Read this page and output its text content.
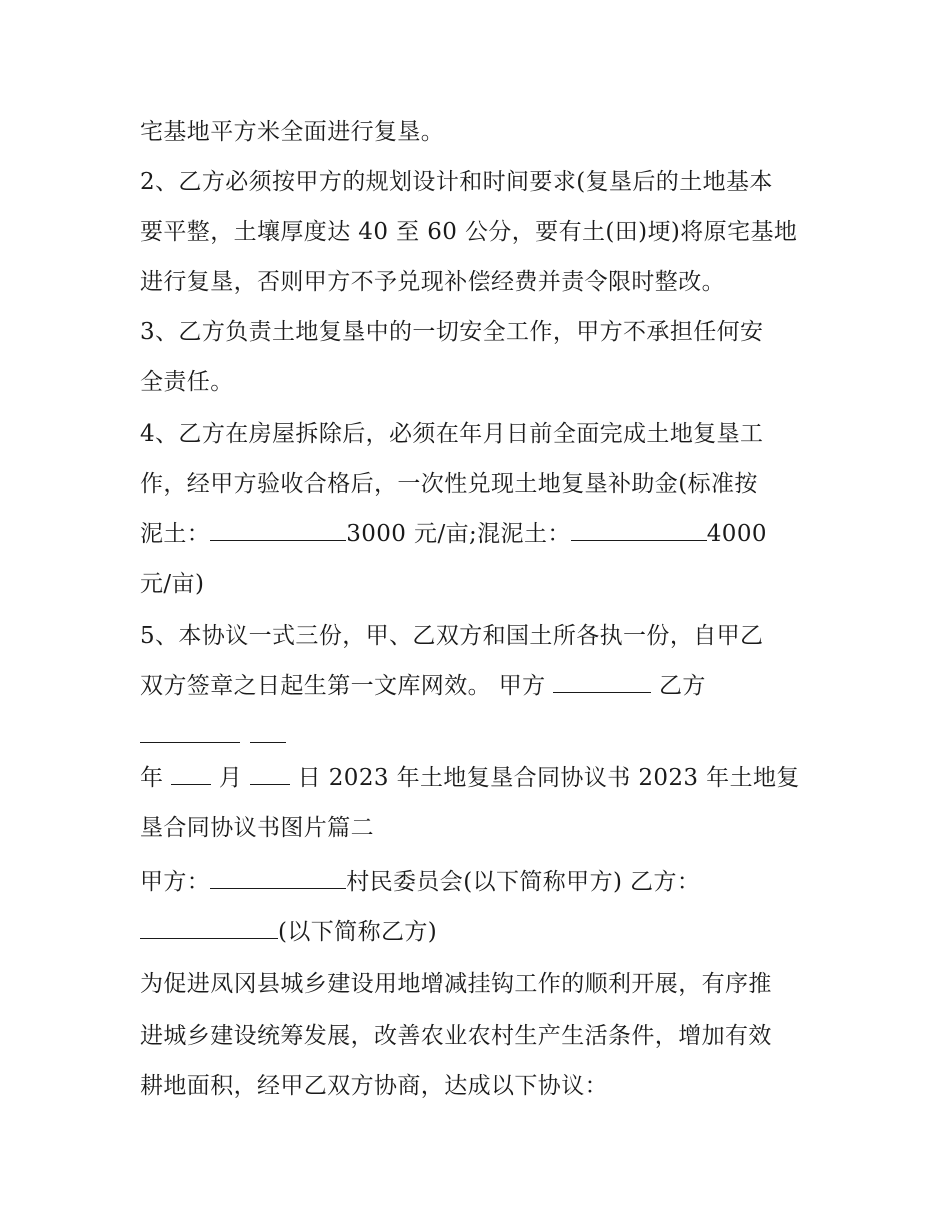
宅基地平方米全面进行复垦。
2、乙方必须按甲方的规划设计和时间要求(复垦后的土地基本
要平整，土壤厚度达 40 至 60 公分，要有土(田)埂)将原宅基地
进行复垦，否则甲方不予兑现补偿经费并责令限时整改。
3、乙方负责土地复垦中的一切安全工作，甲方不承担任何安
全责任。
4、乙方在房屋拆除后，必须在年月日前全面完成土地复垦工
作，经甲方验收合格后，一次性兑现土地复垦补助金(标准按
泥土：	3000 元/亩;混泥土：	4000
元/亩)
5、本协议一式三份，甲、乙双方和国土所各执一份，自甲乙
双方签章之日起生第一文库网效。 甲方	乙方

年  月  日 2023 年土地复垦合同协议书 2023 年土地复
垦合同协议书图片篇二
甲方：	村民委员会(以下简称甲方) 乙方：
(以下简称乙方)
为促进凤冈县城乡建设用地增减挂钩工作的顺利开展，有序推
进城乡建设统筹发展，改善农业农村生产生活条件，增加有效
耕地面积，经甲乙双方协商，达成以下协议：
